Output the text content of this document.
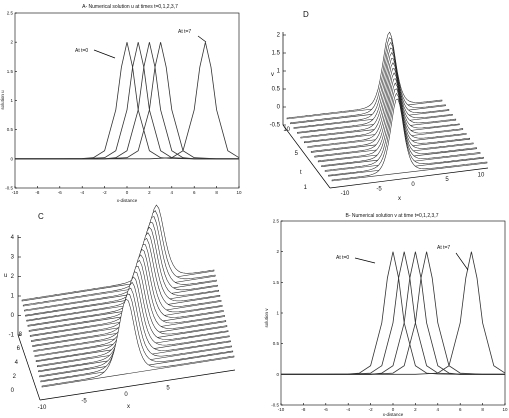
A- Numerical solution u at times t=0,1,2,3,7
-10	-8	-6	-4	-2	0	2	4	6	8	10
-0.5
0
0.5
1
1.5
2
2.5
x-distance
solution u
At t=0
At t=7
B- Numerical solution v at time t=0,1,2,3,7
-10	-8	-6	-4	-2	0	2	4	6	8	10
-0.5
0
0.5
1
1.5
2
2.5
x-distance
solution v
At t=0
At t=7
C
-1
0
1
2
3
4
0
2
4
6
8
-10
-5
0
5
u
x
D
-0.5
0
0.5
1
1.5
2
1
5
10
-10
-5
0
5
10
v
t
x
